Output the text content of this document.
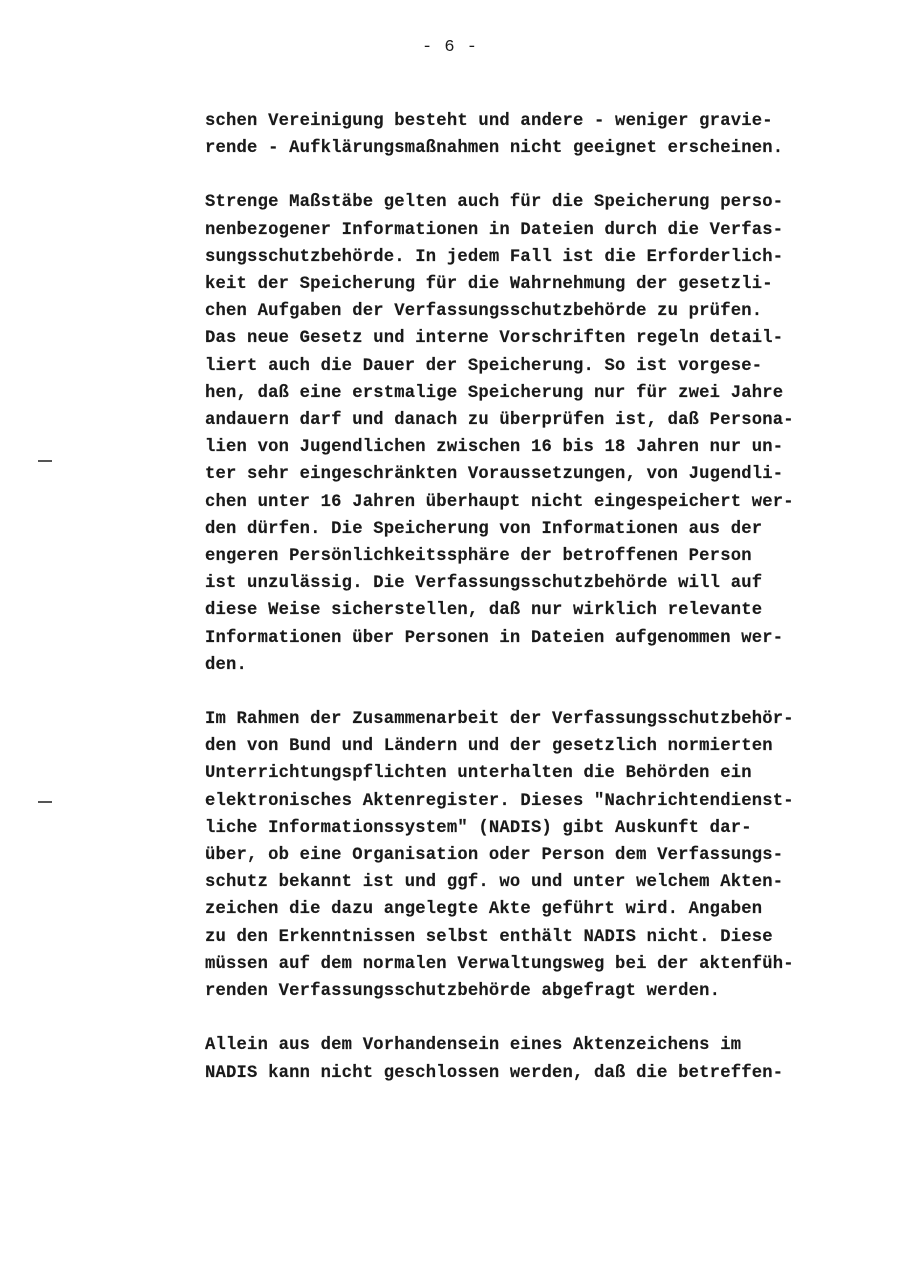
- 6 -
schen Vereinigung besteht und andere - weniger gravie-
rende - Aufklärungsmaßnahmen nicht geeignet erscheinen.
Strenge Maßstäbe gelten auch für die Speicherung perso-
nenbezogener Informationen in Dateien durch die Verfas-
sungsschutzbehörde. In jedem Fall ist die Erforderlich-
keit der Speicherung für die Wahrnehmung der gesetzli-
chen Aufgaben der Verfassungsschutzbehörde zu prüfen.
Das neue Gesetz und interne Vorschriften regeln detail-
liert auch die Dauer der Speicherung. So ist vorgese-
hen, daß eine erstmalige Speicherung nur für zwei Jahre
andauern darf und danach zu überprüfen ist, daß Persona-
lien von Jugendlichen zwischen 16 bis 18 Jahren nur un-
ter sehr eingeschränkten Voraussetzungen, von Jugendli-
chen unter 16 Jahren überhaupt nicht eingespeichert wer-
den dürfen. Die Speicherung von Informationen aus der
engeren Persönlichkeitssphäre der betroffenen Person
ist unzulässig. Die Verfassungsschutzbehörde will auf
diese Weise sicherstellen, daß nur wirklich relevante
Informationen über Personen in Dateien aufgenommen wer-
den.
Im Rahmen der Zusammenarbeit der Verfassungsschutzbehör-
den von Bund und Ländern und der gesetzlich normierten
Unterrichtungspflichten unterhalten die Behörden ein
elektronisches Aktenregister. Dieses "Nachrichtendienst-
liche Informationssystem" (NADIS) gibt Auskunft dar-
über, ob eine Organisation oder Person dem Verfassungs-
schutz bekannt ist und ggf. wo und unter welchem Akten-
zeichen die dazu angelegte Akte geführt wird. Angaben
zu den Erkenntnissen selbst enthält NADIS nicht. Diese
müssen auf dem normalen Verwaltungsweg bei der aktenfüh-
renden Verfassungsschutzbehörde abgefragt werden.
Allein aus dem Vorhandensein eines Aktenzeichens im
NADIS kann nicht geschlossen werden, daß die betreffen-
